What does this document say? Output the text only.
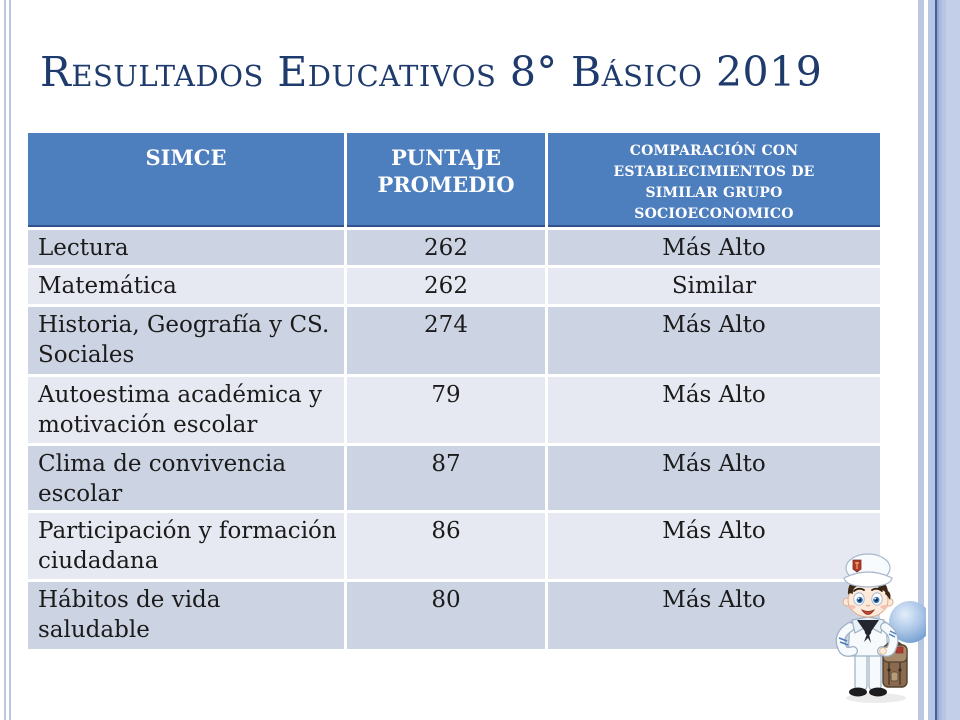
Resultados Educativos 8° Básico 2019
SIMCE	PUNTAJE PROMEDIO	COMPARACIÓN CON ESTABLECIMIENTOS DE SIMILAR GRUPO SOCIOECONOMICO

Lectura	262	Más Alto
Matemática	262	Similar
Historia, Geografía y CS. Sociales	274	Más Alto
Autoestima académica y motivación escolar	79	Más Alto
Clima de convivencia escolar	87	Más Alto
Participación y formación ciudadana	86	Más Alto
Hábitos de vida saludable	80	Más Alto
